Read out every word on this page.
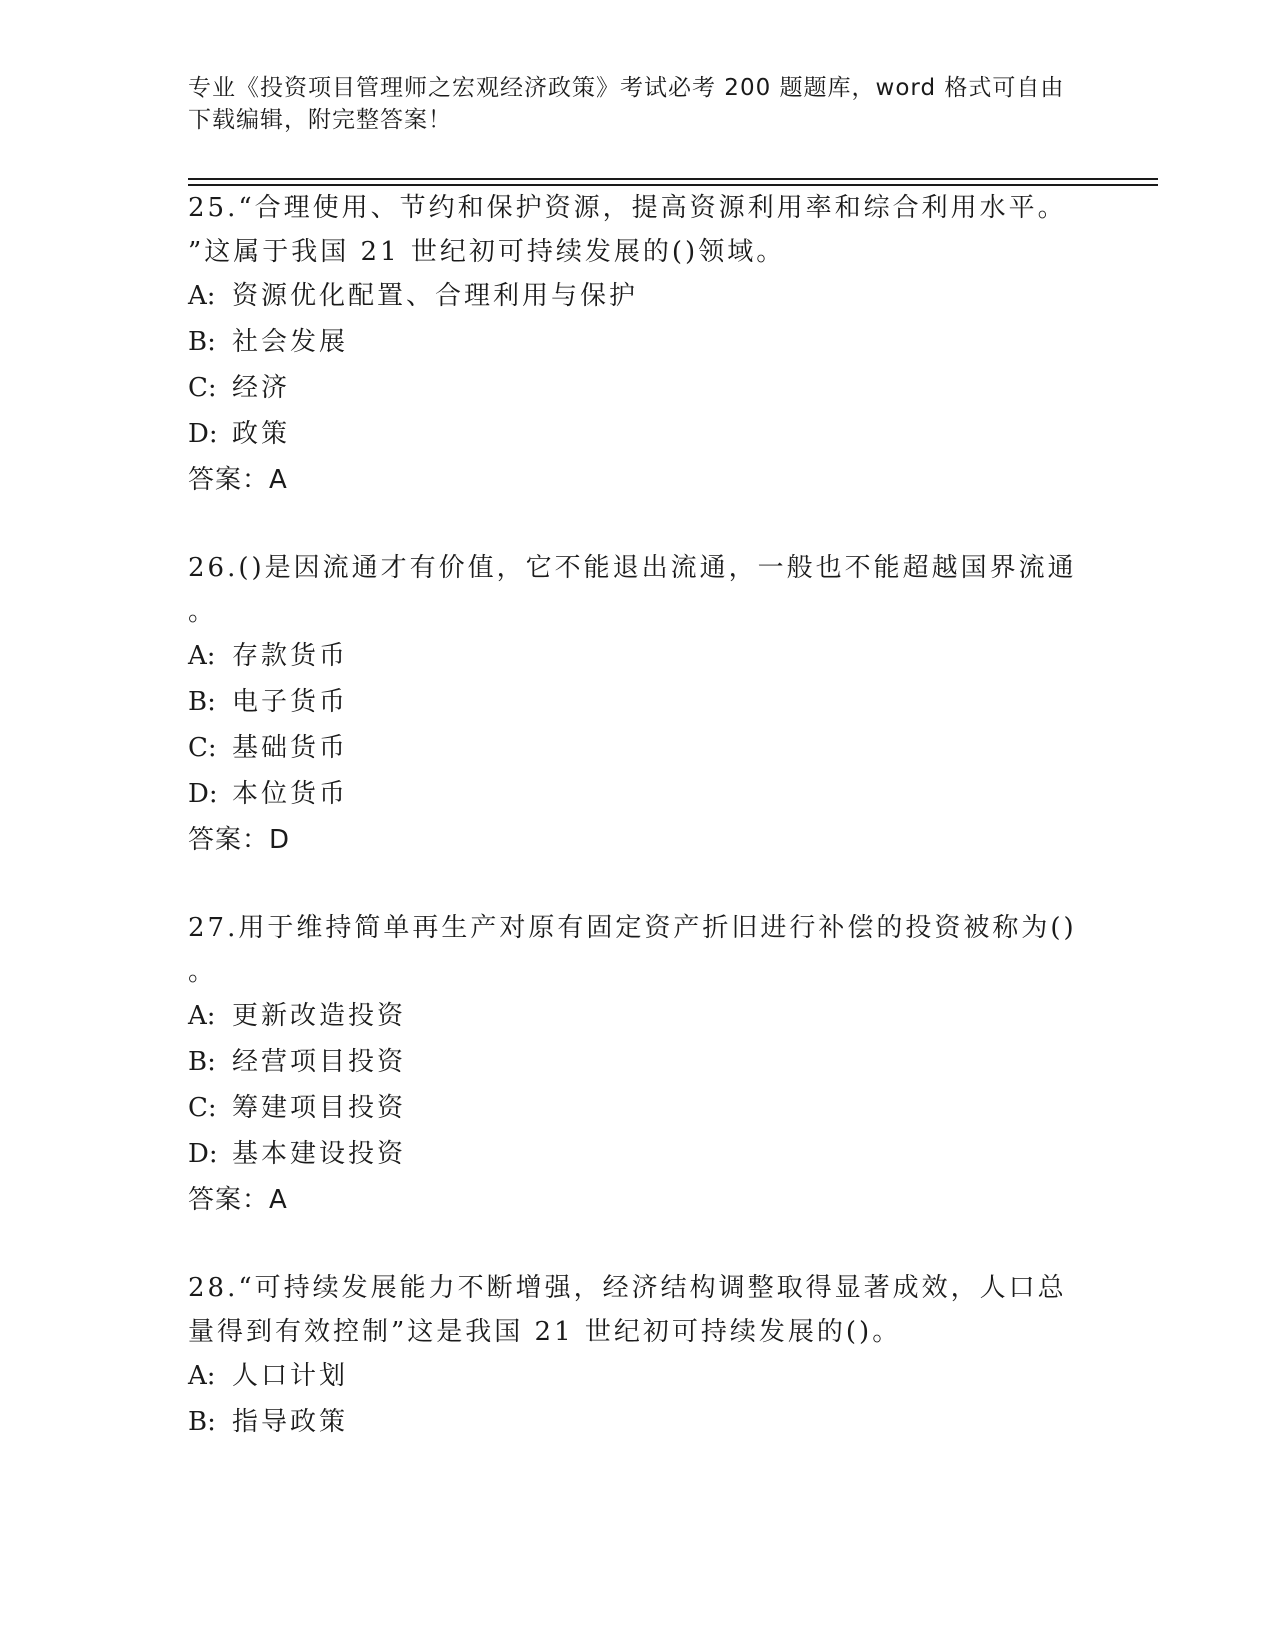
专业《投资项目管理师之宏观经济政策》考试必考 200 题题库，word 格式可自由
下载编辑，附完整答案！
25.“合理使用、节约和保护资源，提高资源利用率和综合利用水平。
”这属于我国 21 世纪初可持续发展的()领域。
A: 资源优化配置、合理利用与保护
B: 社会发展
C: 经济
D: 政策
答案：A
26.()是因流通才有价值，它不能退出流通，一般也不能超越国界流通
。
A: 存款货币
B: 电子货币
C: 基础货币
D: 本位货币
答案：D
27.用于维持简单再生产对原有固定资产折旧进行补偿的投资被称为()
。
A: 更新改造投资
B: 经营项目投资
C: 筹建项目投资
D: 基本建设投资
答案：A
28.“可持续发展能力不断增强，经济结构调整取得显著成效，人口总
量得到有效控制”这是我国 21 世纪初可持续发展的()。
A: 人口计划
B: 指导政策
